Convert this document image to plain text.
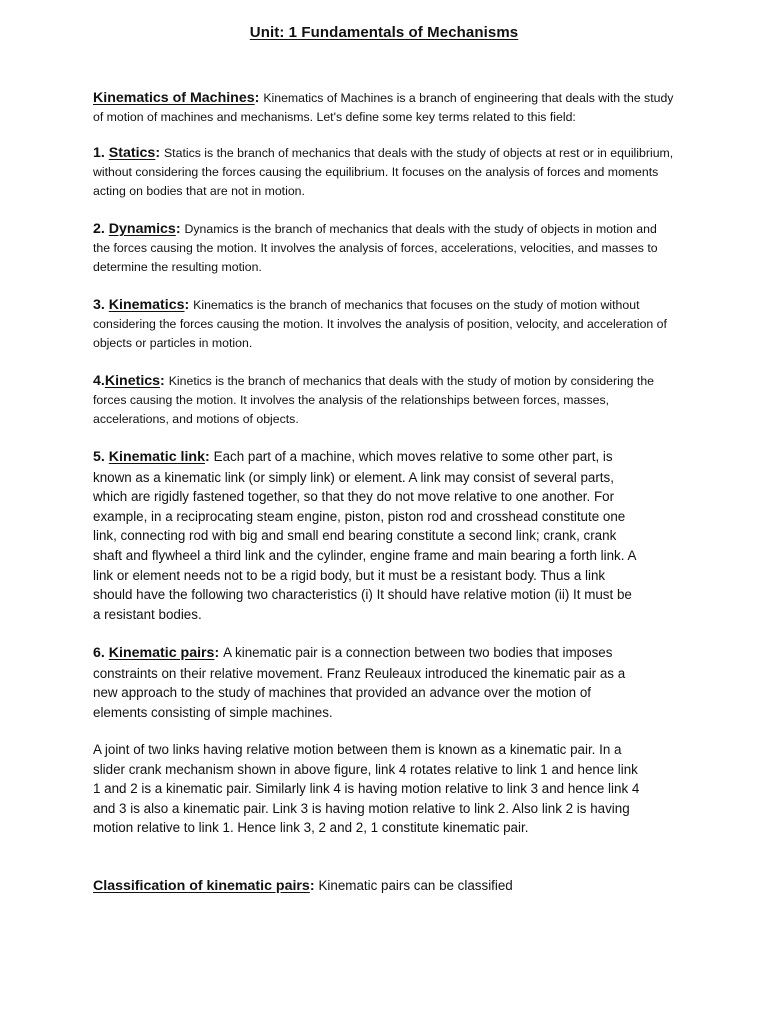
Unit: 1 Fundamentals of Mechanisms

Kinematics of Machines: Kinematics of Machines is a branch of engineering that deals with the study of motion of machines and mechanisms. Let's define some key terms related to this field:

1. Statics: Statics is the branch of mechanics that deals with the study of objects at rest or in equilibrium, without considering the forces causing the equilibrium. It focuses on the analysis of forces and moments acting on bodies that are not in motion.

2. Dynamics: Dynamics is the branch of mechanics that deals with the study of objects in motion and the forces causing the motion. It involves the analysis of forces, accelerations, velocities, and masses to determine the resulting motion.

3. Kinematics: Kinematics is the branch of mechanics that focuses on the study of motion without considering the forces causing the motion. It involves the analysis of position, velocity, and acceleration of objects or particles in motion.

4.Kinetics: Kinetics is the branch of mechanics that deals with the study of motion by considering the forces causing the motion. It involves the analysis of the relationships between forces, masses, accelerations, and motions of objects.

5. Kinematic link: Each part of a machine, which moves relative to some other part, is known as a kinematic link (or simply link) or element. A link may consist of several parts, which are rigidly fastened together, so that they do not move relative to one another. For example, in a reciprocating steam engine, piston, piston rod and crosshead constitute one link, connecting rod with big and small end bearing constitute a second link; crank, crank shaft and flywheel a third link and the cylinder, engine frame and main bearing a forth link. A link or element needs not to be a rigid body, but it must be a resistant body. Thus a link should have the following two characteristics (i) It should have relative motion (ii) It must be a resistant bodies.

6. Kinematic pairs: A kinematic pair is a connection between two bodies that imposes constraints on their relative movement. Franz Reuleaux introduced the kinematic pair as a new approach to the study of machines that provided an advance over the motion of elements consisting of simple machines.

A joint of two links having relative motion between them is known as a kinematic pair. In a slider crank mechanism shown in above figure, link 4 rotates relative to link 1 and hence link 1 and 2 is a kinematic pair. Similarly link 4 is having motion relative to link 3 and hence link 4 and 3 is also a kinematic pair. Link 3 is having motion relative to link 2. Also link 2 is having motion relative to link 1. Hence link 3, 2 and 2, 1 constitute kinematic pair.

Classification of kinematic pairs: Kinematic pairs can be classified
